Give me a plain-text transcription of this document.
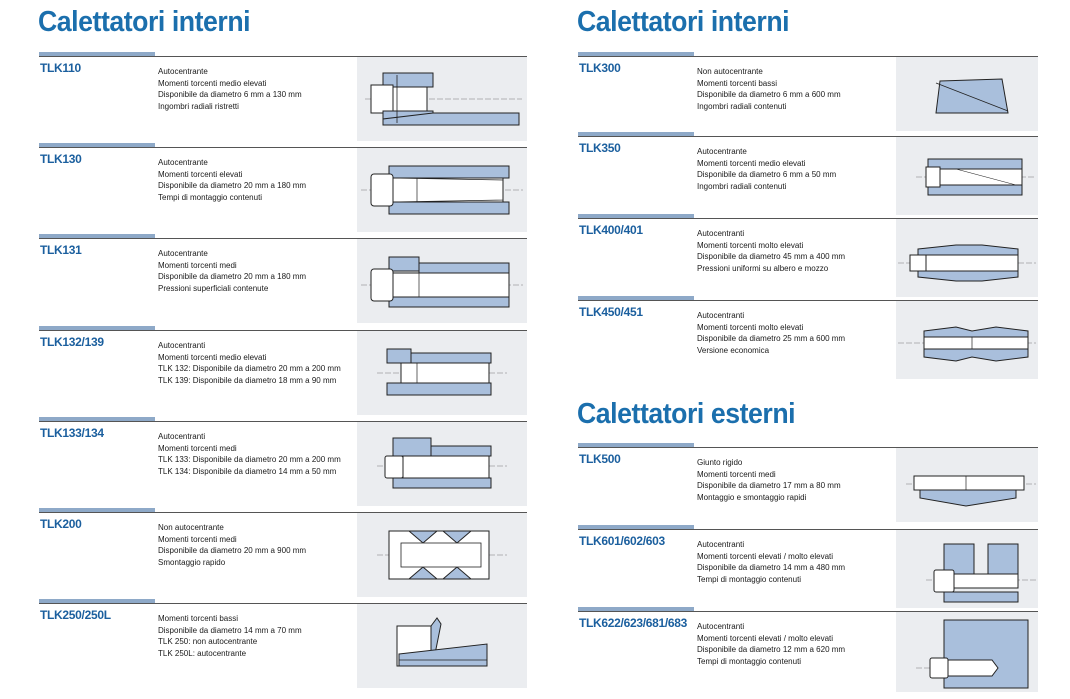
Calettatori interni	Calettatori interni
Calettatori esterni
TLK110	Autocentrante
Momenti torcenti medio elevati
Disponibile da diametro 6 mm a 130 mm
Ingombri radiali ristretti
TLK130	Autocentrante
Momenti torcenti elevati
Disponibile da diametro 20 mm a 180 mm
Tempi di montaggio contenuti
TLK131	Autocentrante
Momenti torcenti medi
Disponibile da diametro 20 mm a 180 mm
Pressioni superficiali contenute
TLK132/139	Autocentranti
Momenti torcenti medio elevati
TLK 132: Disponibile da diametro 20 mm a 200 mm
TLK 139: Disponibile da diametro 18 mm a 90 mm
TLK133/134	Autocentranti
Momenti torcenti medi
TLK 133: Disponibile da diametro 20 mm a 200 mm
TLK 134: Disponibile da diametro 14 mm a 50 mm
TLK200	Non autocentrante
Momenti torcenti medi
Disponibile da diametro 20 mm a 900 mm
Smontaggio rapido
TLK250/250L	Momenti torcenti bassi
Disponibile da diametro 14 mm a 70 mm
TLK 250: non autocentrante
TLK 250L: autocentrante
TLK300	Non autocentrante
Momenti torcenti bassi
Disponibile da diametro 6 mm a 600 mm
Ingombri radiali contenuti
TLK350	Autocentrante
Momenti torcenti medio elevati
Disponibile da diametro 6 mm a 50 mm
Ingombri radiali contenuti
TLK400/401	Autocentranti
Momenti torcenti molto elevati
Disponibile da diametro 45 mm a 400 mm
Pressioni uniformi su albero e mozzo
TLK450/451	Autocentranti
Momenti torcenti molto elevati
Disponibile da diametro 25 mm a 600 mm
Versione economica
TLK500	Giunto rigido
Momenti torcenti medi
Disponibile da diametro 17 mm a 80 mm
Montaggio e smontaggio rapidi
TLK601/602/603	Autocentranti
Momenti torcenti elevati / molto elevati
Disponibile da diametro 14 mm a 480 mm
Tempi di montaggio contenuti
TLK622/623/681/683 Autocentranti
Momenti torcenti elevati / molto elevati
Disponibile da diametro 12 mm a 620 mm
Tempi di montaggio contenuti
